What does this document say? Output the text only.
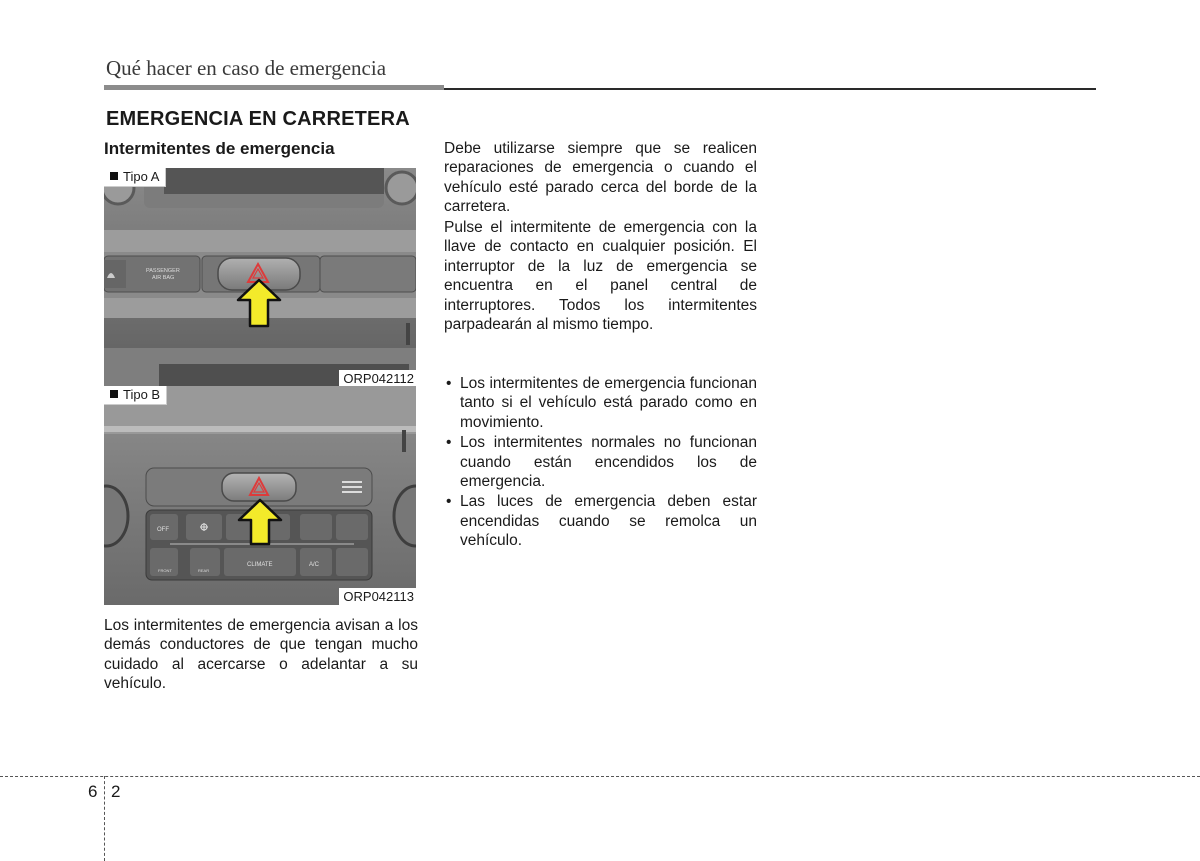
Qué hacer en caso de emergencia
EMERGENCIA EN CARRETERA
Intermitentes de emergencia
PASSENGER
AIR BAG
Tipo A
ORP042112
OFF
FRONT	REAR
CLIMATE	A/C
Tipo B
ORP042113

Los intermitentes de emergencia avisan a los demás conductores de que tengan mucho cuidado al acercarse o adelantar a su vehículo.

Debe utilizarse siempre que se realicen reparaciones de emergencia o cuando el vehículo esté parado cerca del borde de la carretera.

Pulse el intermitente de emergencia con la llave de contacto en cualquier posición. El interruptor de la luz de emergencia se encuentra en el panel central de interruptores. Todos los intermitentes parpadearán al mismo tiempo.

• Los intermitentes de emergencia funcionan tanto si el vehículo está parado como en movimiento.
• Los intermitentes normales no funcionan cuando están encendidos los de emergencia.
• Las luces de emergencia deben estar encendidas cuando se remolca un vehículo.
6 2
